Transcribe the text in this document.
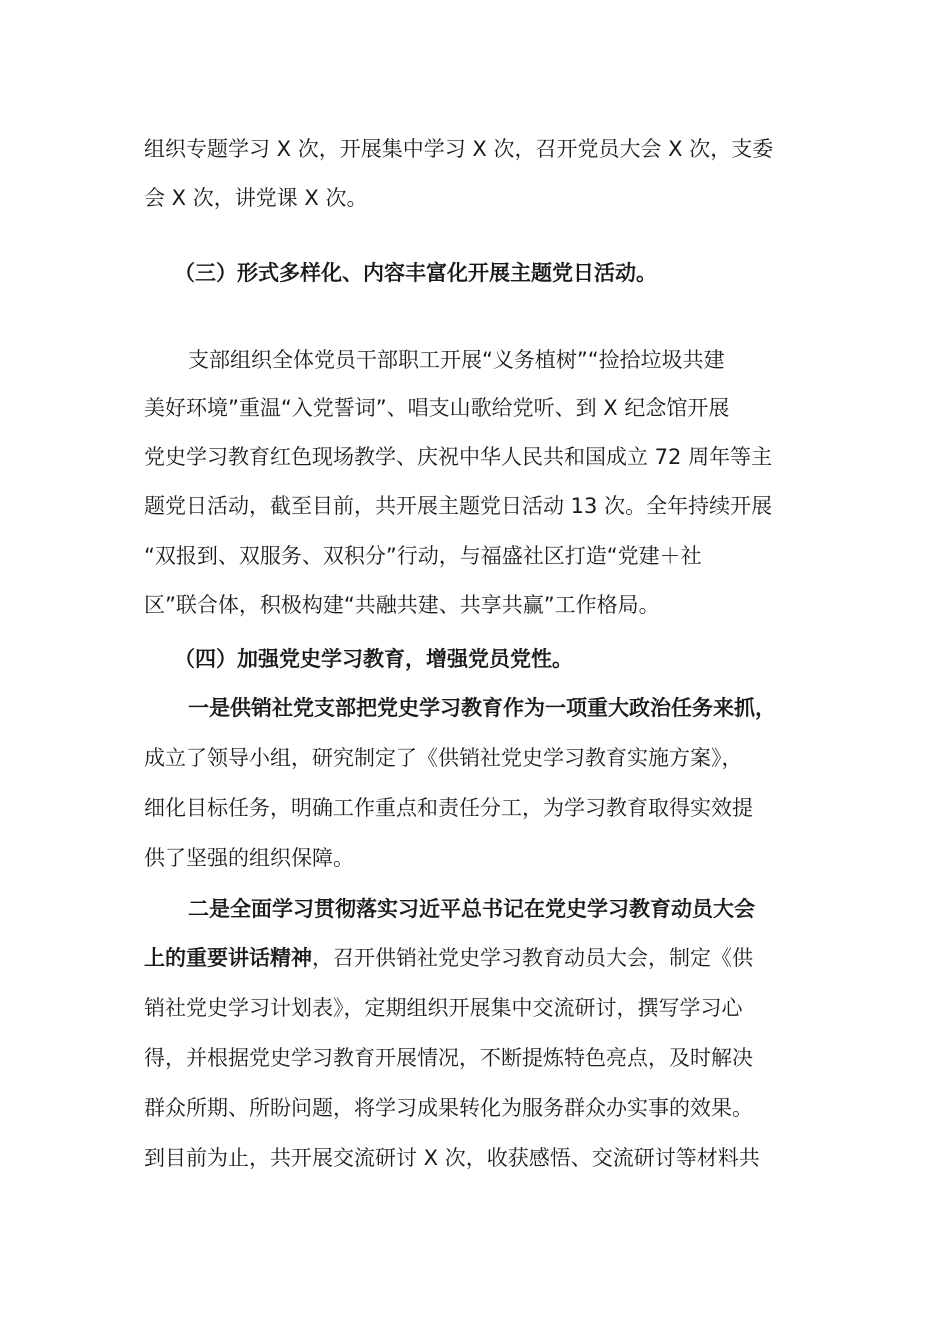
组织专题学习 X 次，开展集中学习 X 次，召开党员大会 X 次，支委

会 X 次，讲党课 X 次。

（三）形式多样化、内容丰富化开展主题党日活动。

支部组织全体党员干部职工开展“义务植树”“捡拾垃圾共建

美好环境”重温“入党誓词”、唱支山歌给党听、到 X 纪念馆开展

党史学习教育红色现场教学、庆祝中华人民共和国成立 72 周年等主

题党日活动，截至目前，共开展主题党日活动 13 次。全年持续开展

“双报到、双服务、双积分”行动，与福盛社区打造“党建＋社

区”联合体，积极构建“共融共建、共享共赢”工作格局。

（四）加强党史学习教育，增强党员党性。

一是供销社党支部把党史学习教育作为一项重大政治任务来抓，

成立了领导小组，研究制定了《供销社党史学习教育实施方案》，

细化目标任务，明确工作重点和责任分工，为学习教育取得实效提

供了坚强的组织保障。

二是全面学习贯彻落实习近平总书记在党史学习教育动员大会

上的重要讲话精神，召开供销社党史学习教育动员大会，制定《供

销社党史学习计划表》，定期组织开展集中交流研讨，撰写学习心

得，并根据党史学习教育开展情况，不断提炼特色亮点，及时解决

群众所期、所盼问题，将学习成果转化为服务群众办实事的效果。

到目前为止，共开展交流研讨 X 次，收获感悟、交流研讨等材料共
